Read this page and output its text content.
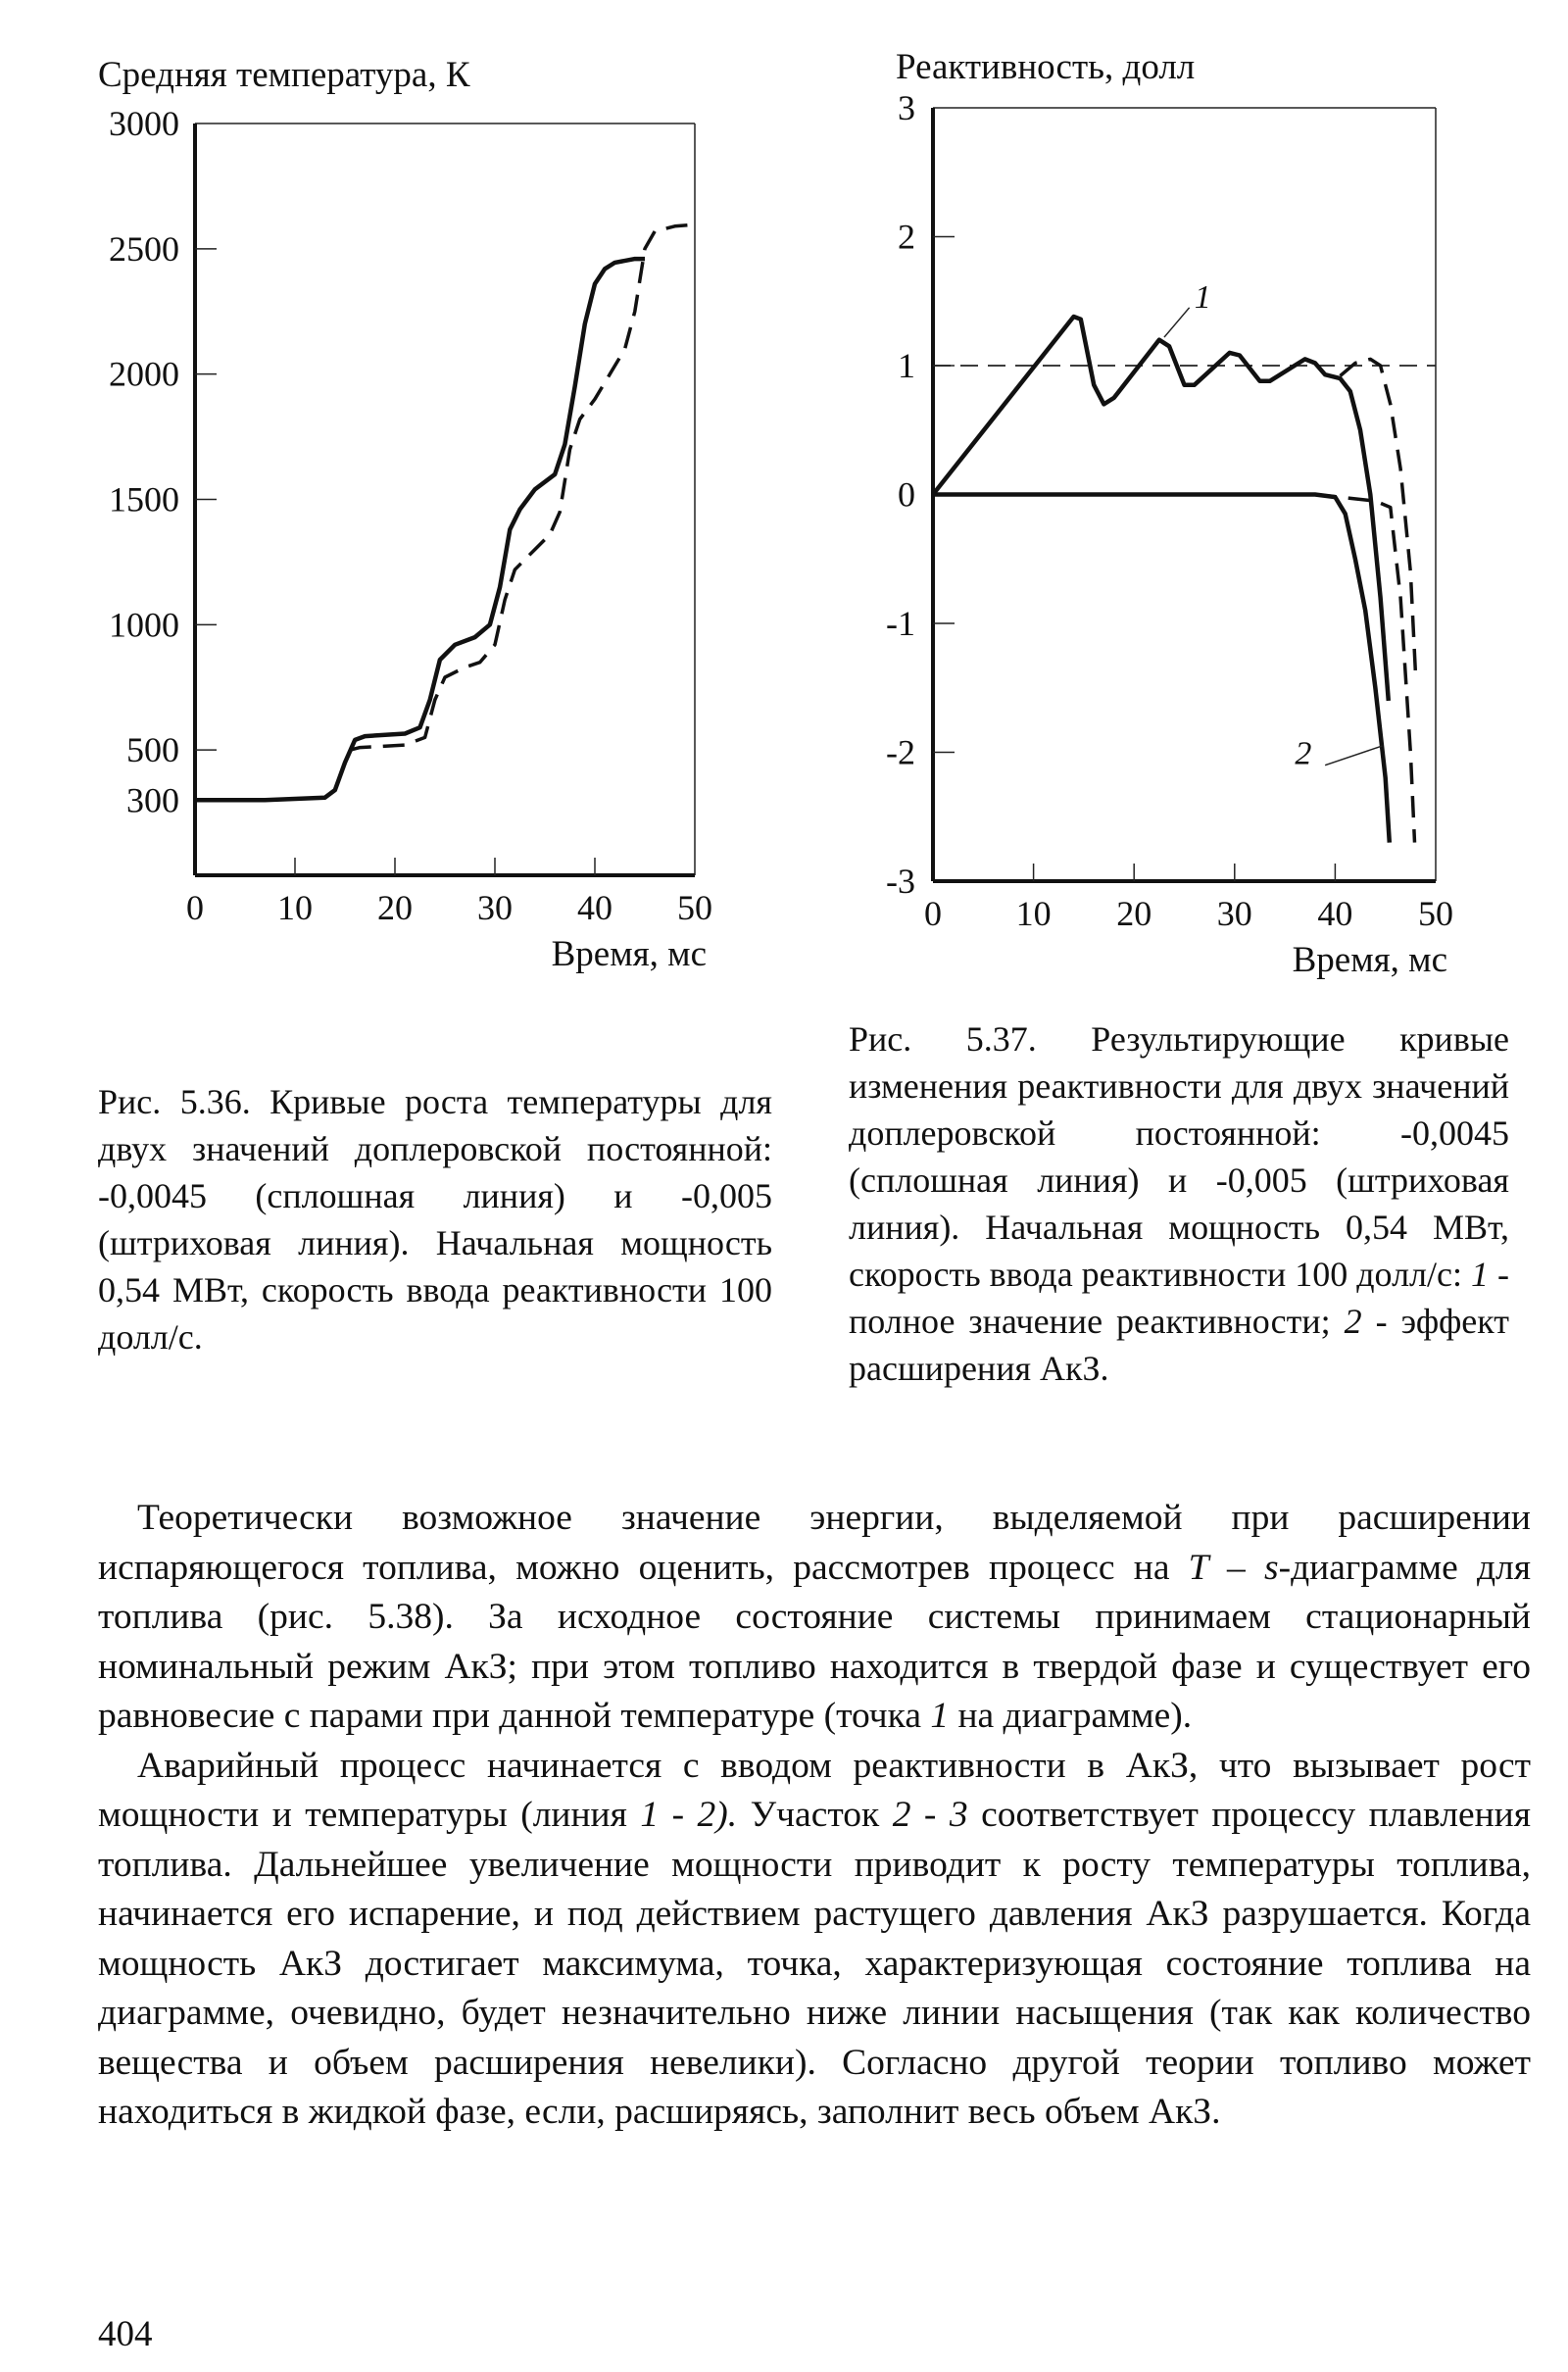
Средняя температура, К
Время, мс
0 10 20 30 40 50
300
500
1000
1500
2000
2500
3000
Реактивность, долл
Время, мс
0 10 20 30 40 50
3
2
1
0
-1
-2
-3
1
2
Рис. 5.36. Кривые роста температуры для двух значений доплеровской постоянной: -0,0045 (сплошная линия) и -0,005 (штриховая линия). Начальная мощность 0,54 МВт, скорость ввода реактивности 100 долл/с.
Рис. 5.37. Результирующие кривые изменения реактивности для двух значений доплеровской постоянной: -0,0045 (сплошная линия) и -0,005 (штриховая линия). Начальная мощность 0,54 МВт, скорость ввода реактивности 100 долл/с: 1 - полное значение реактивности; 2 - эффект расширения АкЗ.

Теоретически возможное значение энергии, выделяемой при расширении испаряющегося топлива, можно оценить, рассмотрев процесс на T – s-диаграмме для топлива (рис. 5.38). За исходное состояние системы принимаем стационарный номинальный режим АкЗ; при этом топливо находится в твердой фазе и существует его равновесие с парами при данной температуре (точка 1 на диаграмме).

Аварийный процесс начинается с вводом реактивности в АкЗ, что вызывает рост мощности и температуры (линия 1 - 2). Участок 2 - 3 соответствует процессу плавления топлива. Дальнейшее увеличение мощности приводит к росту температуры топлива, начинается его испарение, и под действием растущего давления АкЗ разрушается. Когда мощность АкЗ достигает максимума, точка, характеризующая состояние топлива на диаграмме, очевидно, будет незначительно ниже линии насыщения (так как количество вещества и объем расширения невелики). Согласно другой теории топливо может находиться в жидкой фазе, если, расширяясь, заполнит весь объем АкЗ.

404
